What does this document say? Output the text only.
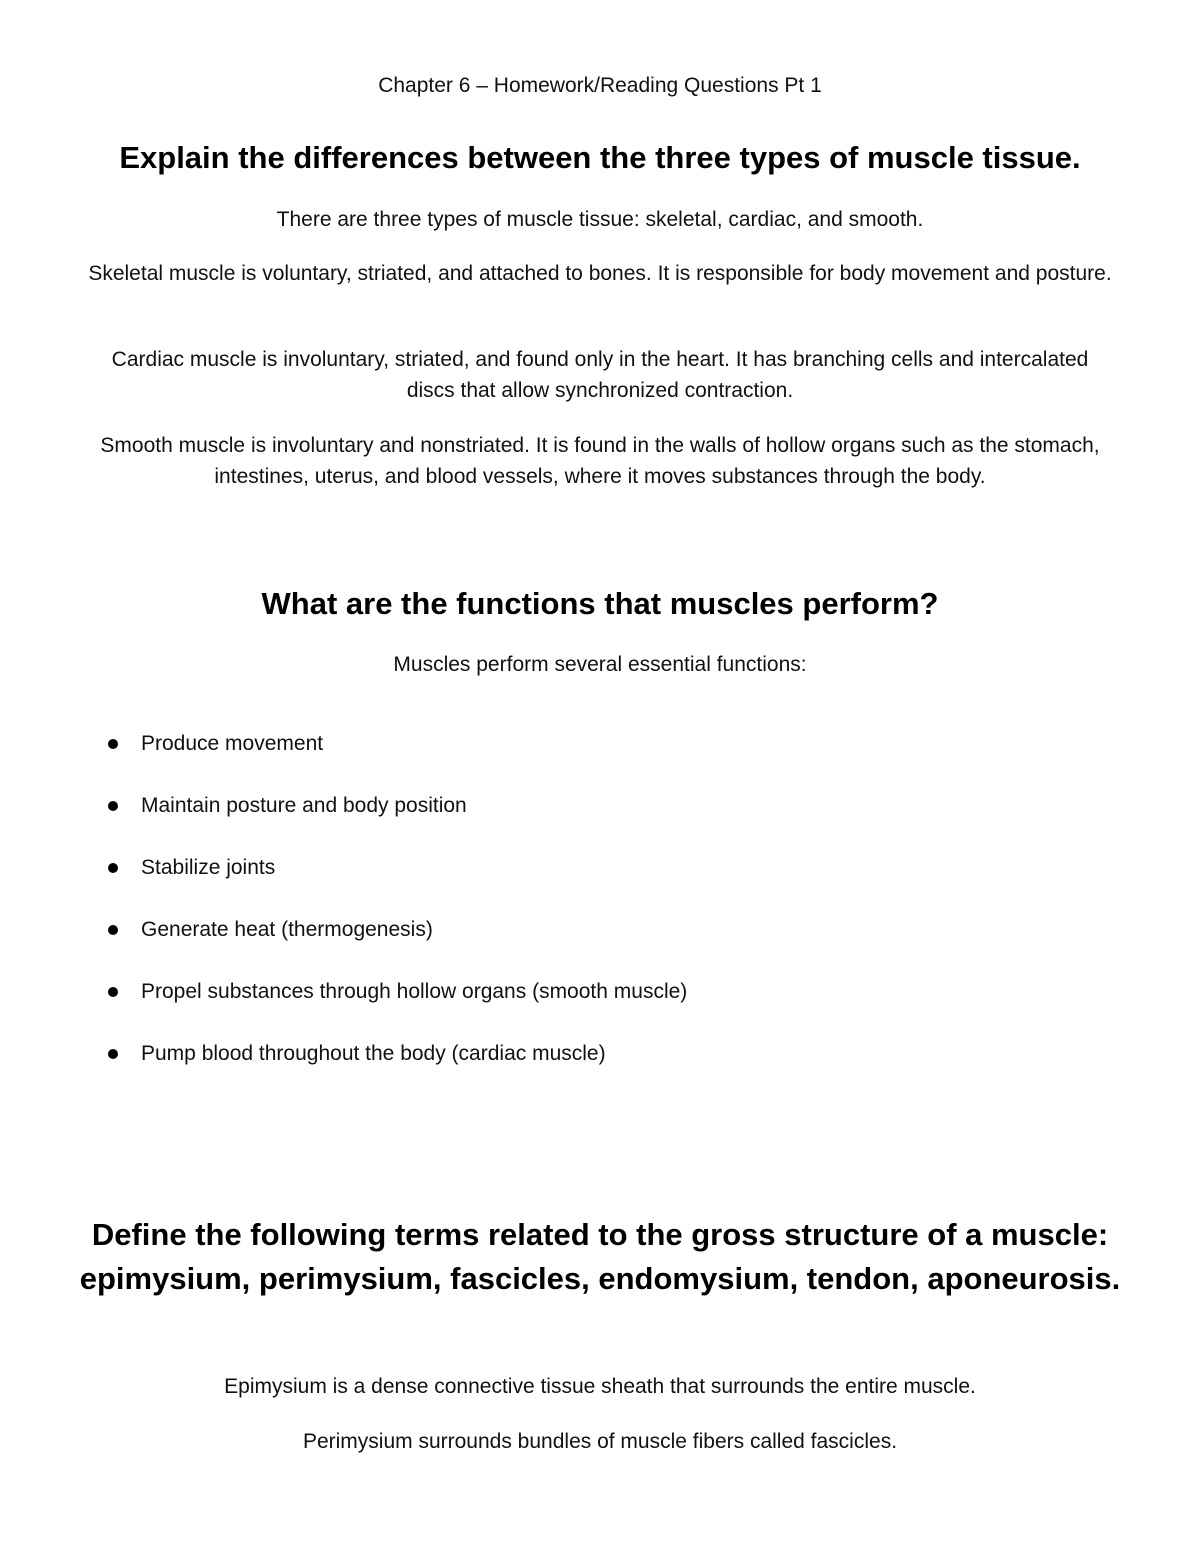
Chapter 6 – Homework/Reading Questions Pt 1
Explain the differences between the three types of muscle tissue.

There are three types of muscle tissue: skeletal, cardiac, and smooth.

Skeletal muscle is voluntary, striated, and attached to bones. It is responsible for body movement and posture.

Cardiac muscle is involuntary, striated, and found only in the heart. It has branching cells and intercalated discs that allow synchronized contraction.

Smooth muscle is involuntary and nonstriated. It is found in the walls of hollow organs such as the stomach, intestines, uterus, and blood vessels, where it moves substances through the body.

What are the functions that muscles perform?

Muscles perform several essential functions:

Produce movement
Maintain posture and body position
Stabilize joints
Generate heat (thermogenesis)
Propel substances through hollow organs (smooth muscle)
Pump blood throughout the body (cardiac muscle)
Define the following terms related to the gross structure of a muscle: epimysium, perimysium, fascicles, endomysium, tendon, aponeurosis.

Epimysium is a dense connective tissue sheath that surrounds the entire muscle.

Perimysium surrounds bundles of muscle fibers called fascicles.
